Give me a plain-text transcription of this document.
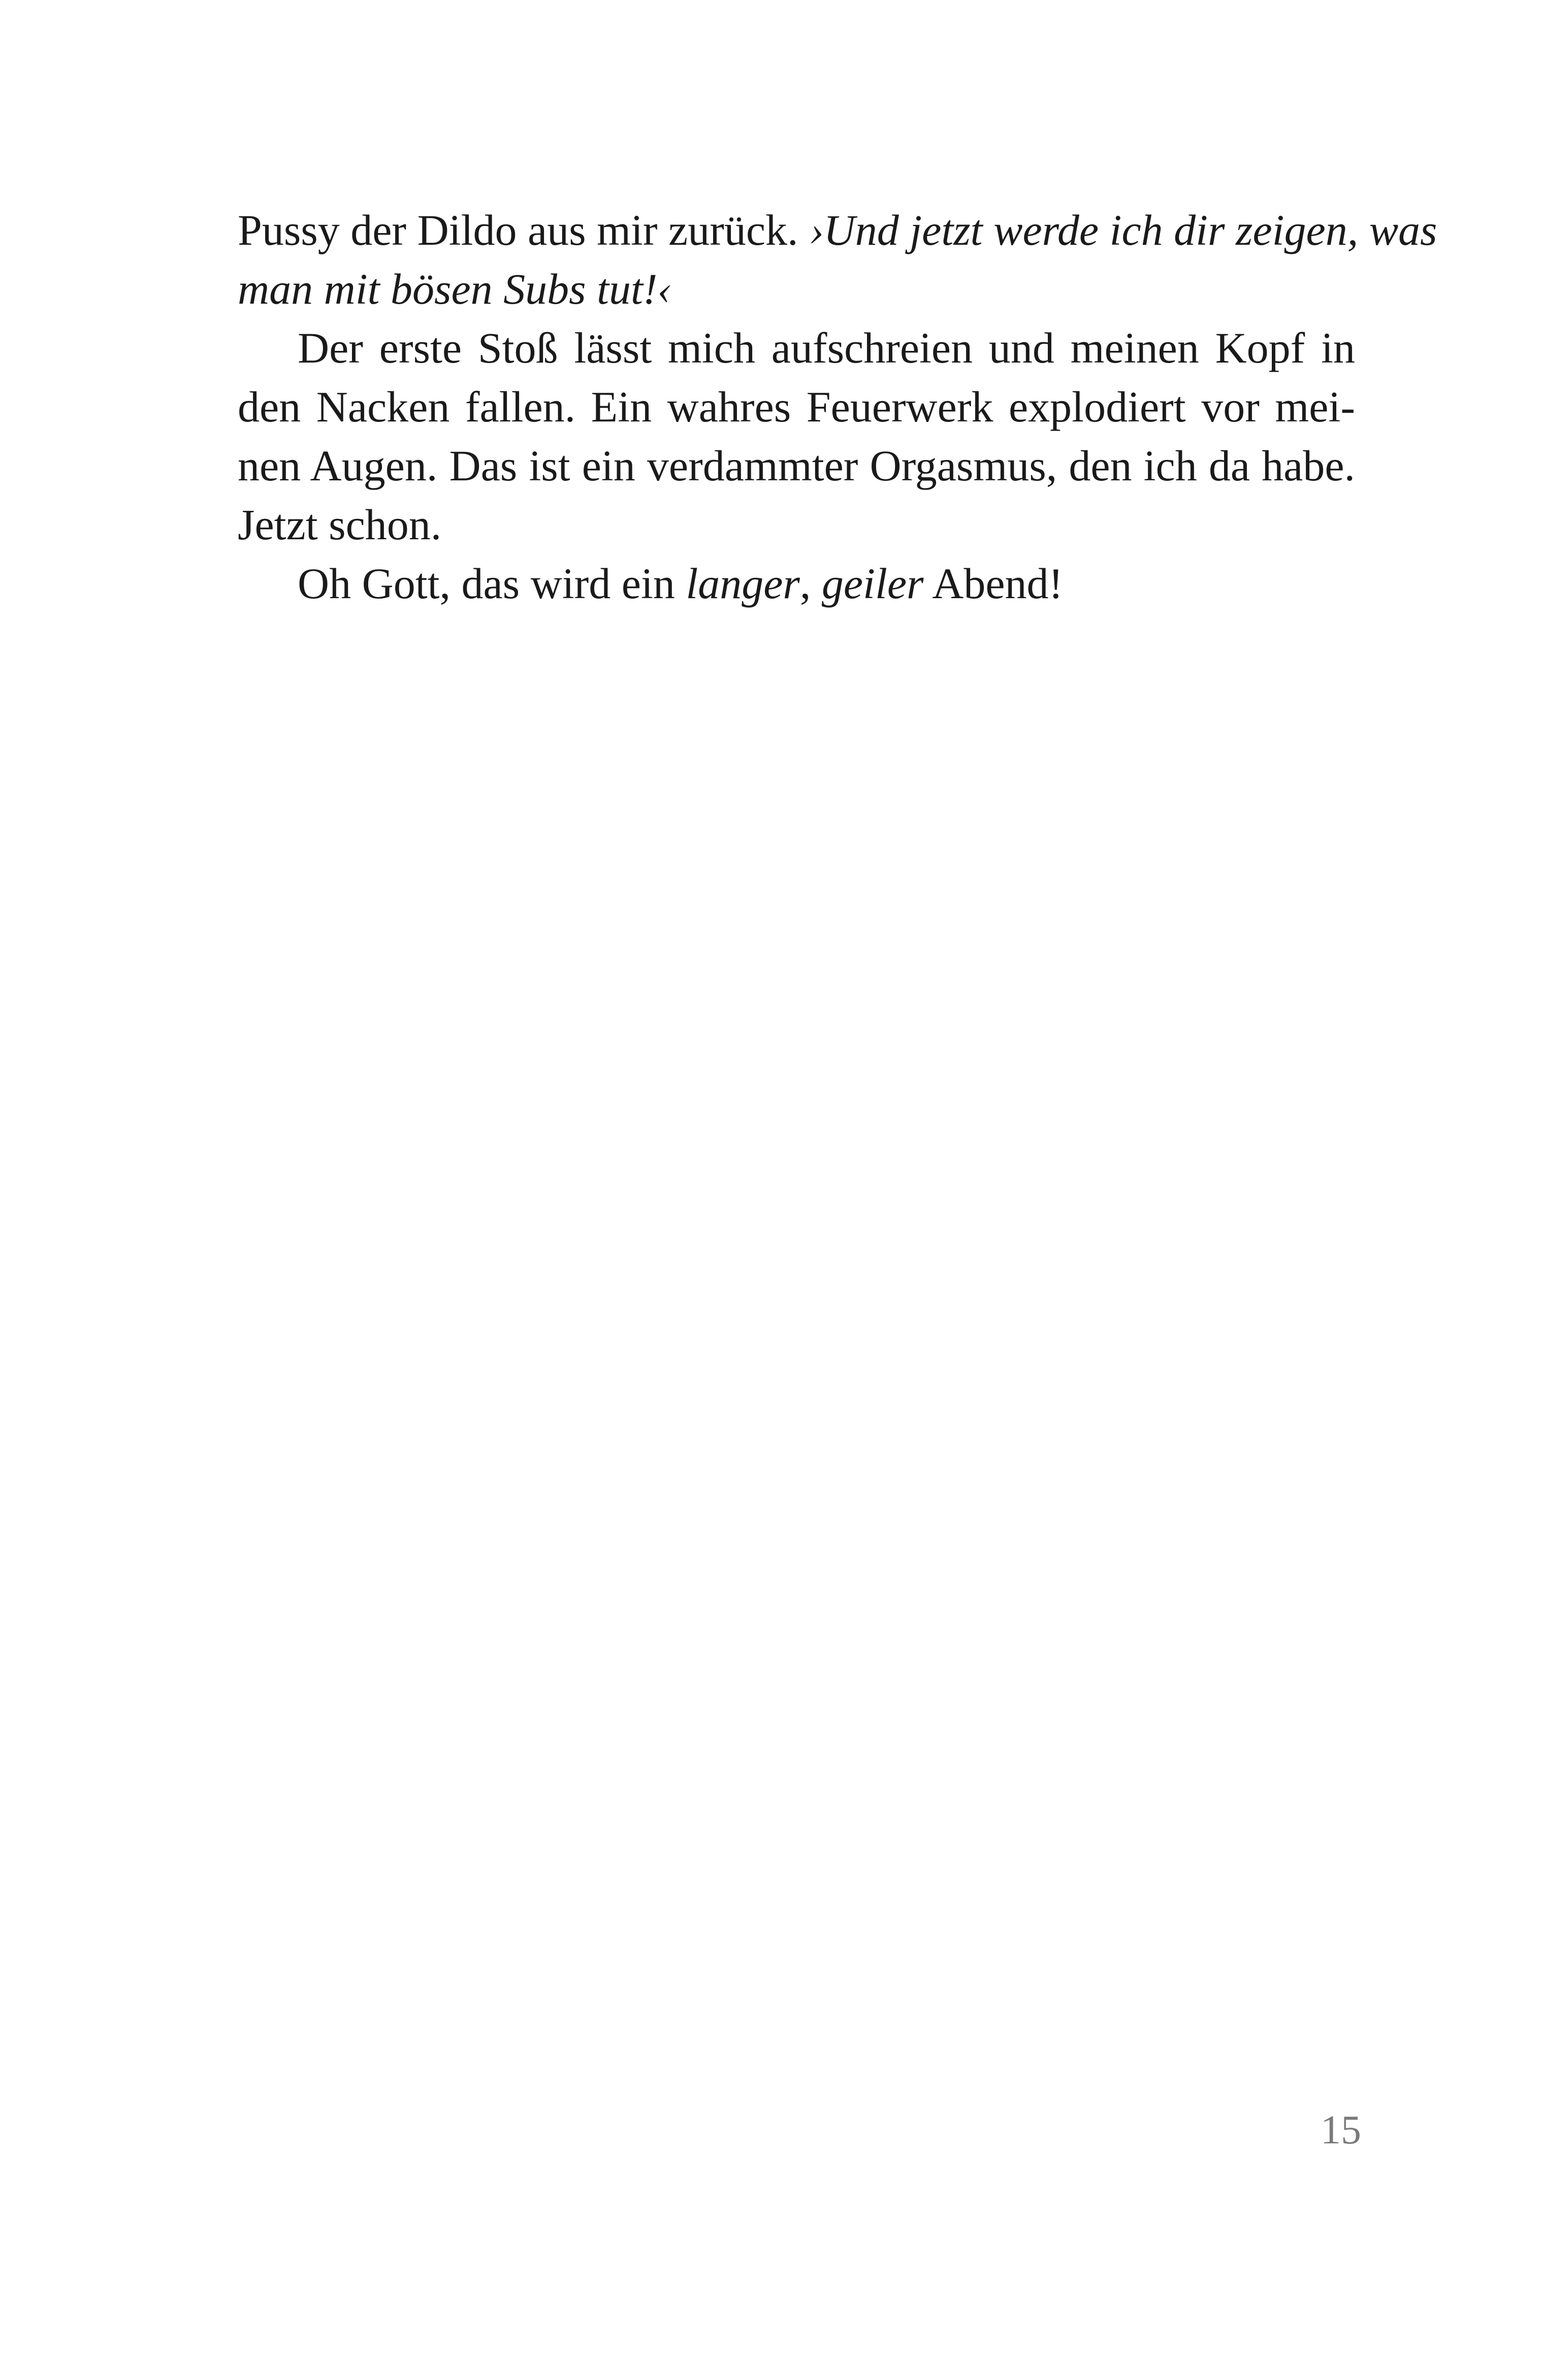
Pussy der Dildo aus mir zurück. ›Und jetzt werde ich dir zeigen, was
man mit bösen Subs tut!‹

Der erste Stoß lässt mich aufschreien und meinen Kopf in
den Nacken fallen. Ein wahres Feuerwerk explodiert vor mei-
nen Augen. Das ist ein verdammter Orgasmus, den ich da habe.
Jetzt schon.

Oh Gott, das wird ein langer, geiler Abend!

15
